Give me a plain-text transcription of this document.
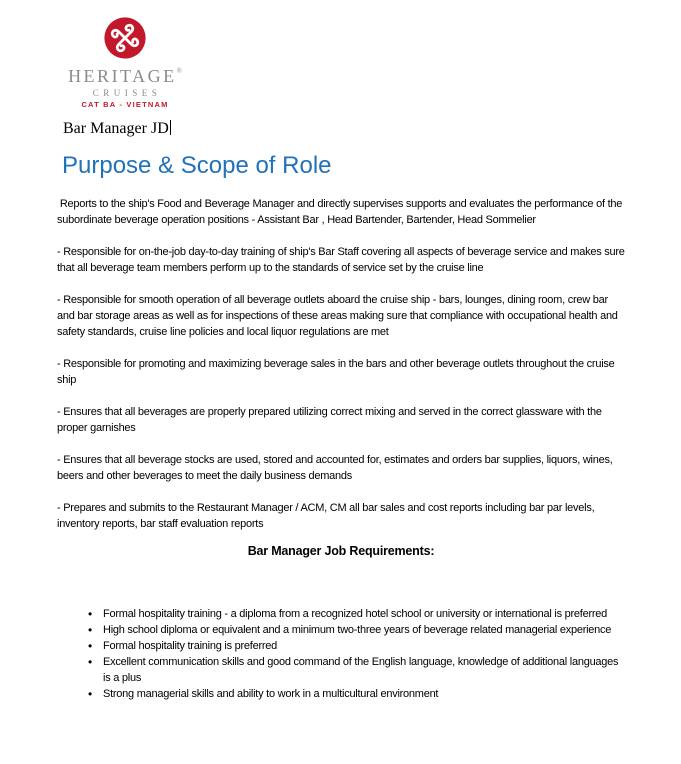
HERITAGE®
CRUISES
CAT BA - VIETNAM
Bar Manager JD
Purpose & Scope of Role

Reports to the ship's Food and Beverage Manager and directly supervises supports and evaluates the performance of the subordinate beverage operation positions - Assistant Bar , Head Bartender, Bartender, Head Sommelier

- Responsible for on-the-job day-to-day training of ship's Bar Staff covering all aspects of beverage service and makes sure that all beverage team members perform up to the standards of service set by the cruise line

- Responsible for smooth operation of all beverage outlets aboard the cruise ship - bars, lounges, dining room, crew bar and bar storage areas as well as for inspections of these areas making sure that compliance with occupational health and safety standards, cruise line policies and local liquor regulations are met

- Responsible for promoting and maximizing beverage sales in the bars and other beverage outlets throughout the cruise ship

- Ensures that all beverages are properly prepared utilizing correct mixing and served in the correct glassware with the proper garnishes

- Ensures that all beverage stocks are used, stored and accounted for, estimates and orders bar supplies, liquors, wines, beers and other beverages to meet the daily business demands

- Prepares and submits to the Restaurant Manager / ACM, CM all bar sales and cost reports including bar par levels, inventory reports, bar staff evaluation reports

Bar Manager Job Requirements:
• Formal hospitality training - a diploma from a recognized hotel school or university or international is preferred
• High school diploma or equivalent and a minimum two-three years of beverage related managerial experience
• Formal hospitality training is preferred
• Excellent communication skills and good command of the English language, knowledge of additional languages is a plus
• Strong managerial skills and ability to work in a multicultural environment
